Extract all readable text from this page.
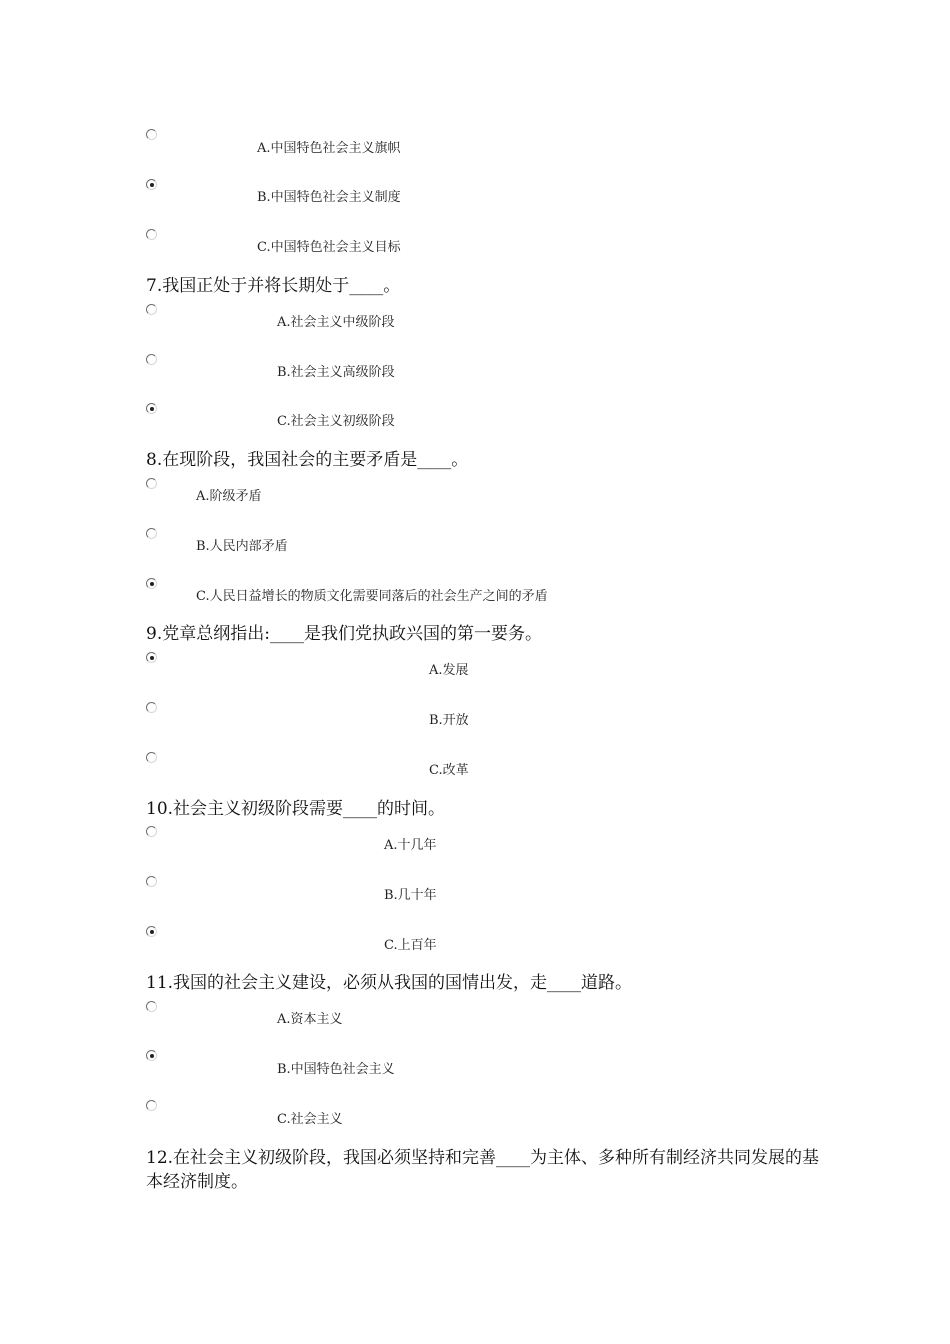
A.中国特色社会主义旗帜
B.中国特色社会主义制度
C.中国特色社会主义目标
7.我国正处于并将长期处于____。
A.社会主义中级阶段
B.社会主义高级阶段
C.社会主义初级阶段
8.在现阶段，我国社会的主要矛盾是____。
A.阶级矛盾
B.人民内部矛盾
C.人民日益增长的物质文化需要同落后的社会生产之间的矛盾
9.党章总纲指出:____是我们党执政兴国的第一要务。
A.发展
B.开放
C.改革
10.社会主义初级阶段需要____的时间。
A.十几年
B.几十年
C.上百年
11.我国的社会主义建设，必须从我国的国情出发，走____道路。
A.资本主义
B.中国特色社会主义
C.社会主义
12.在社会主义初级阶段，我国必须坚持和完善____为主体、多种所有制经济共同发展的基本经济制度。
